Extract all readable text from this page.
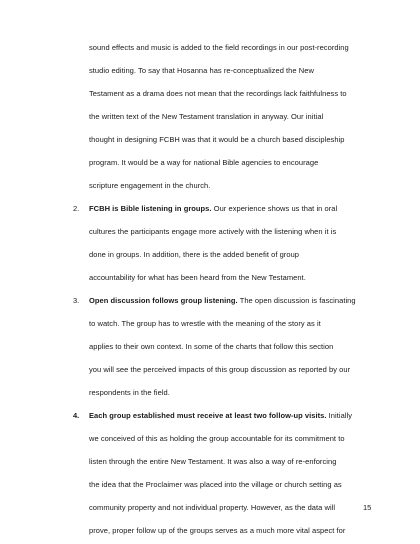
sound effects and music is added to the field recordings in our post-recording
studio editing. To say that Hosanna has re-conceptualized the New
Testament as a drama does not mean that the recordings lack faithfulness to
the written text of the New Testament translation in anyway. Our initial
thought in designing FCBH was that it would be a church based discipleship
program. It would be a way for national Bible agencies to encourage
scripture engagement in the church.
2. FCBH is Bible listening in groups. Our experience shows us that in oral
cultures the participants engage more actively with the listening when it is
done in groups. In addition, there is the added benefit of group
accountability for what has been heard from the New Testament.
3. Open discussion follows group listening. The open discussion is fascinating
to watch. The group has to wrestle with the meaning of the story as it
applies to their own context. In some of the charts that follow this section
you will see the perceived impacts of this group discussion as reported by our
respondents in the field.
4. Each group established must receive at least two follow-up visits. Initially
we conceived of this as holding the group accountable for its commitment to
listen through the entire New Testament. It was also a way of re-enforcing
the idea that the Proclaimer was placed into the village or church setting as
community property and not individual property. However, as the data will
prove, proper follow up of the groups serves as a much more vital aspect for
15
